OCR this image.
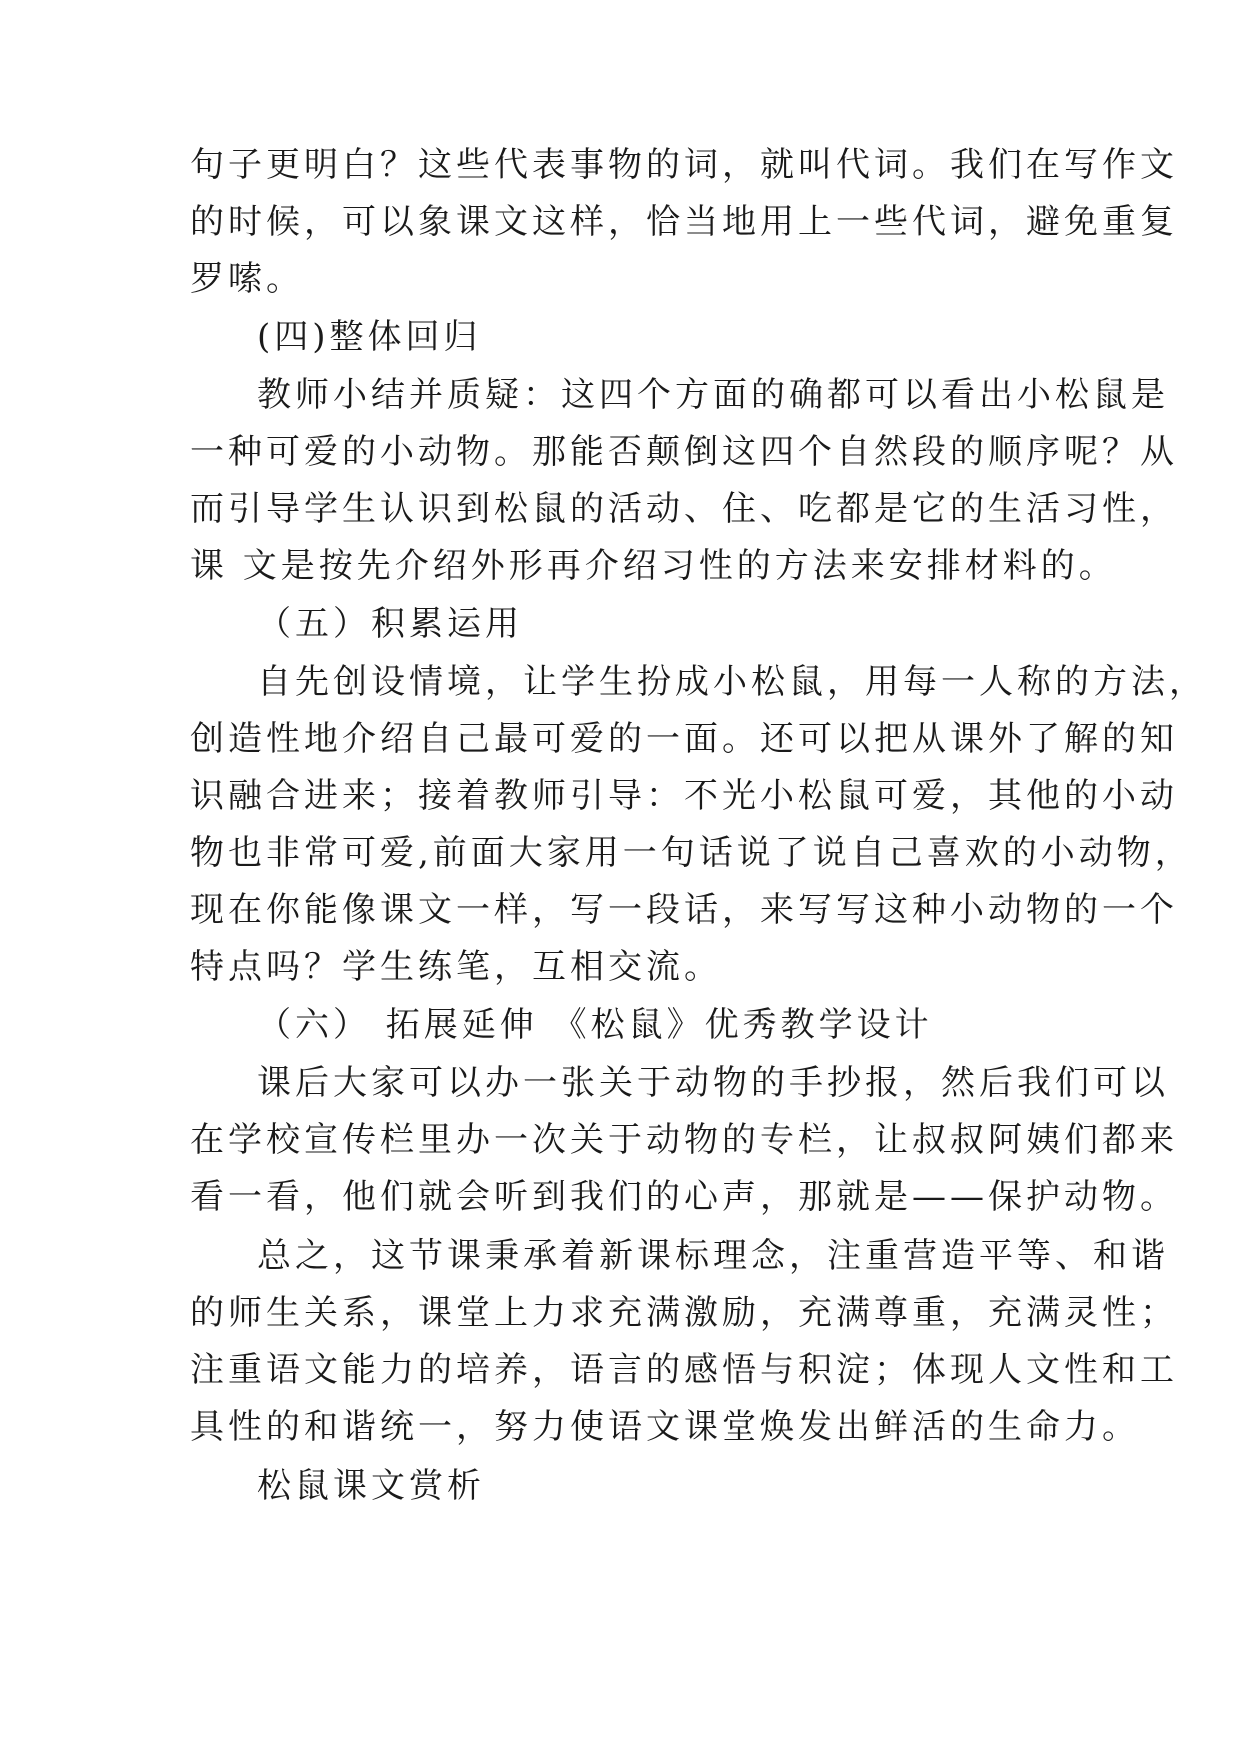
句子更明白？这些代表事物的词，就叫代词。我们在写作文
的时候，可以象课文这样，恰当地用上一些代词，避免重复
罗嗦。
(四)整体回归
教师小结并质疑：这四个方面的确都可以看出小松鼠是
一种可爱的小动物。那能否颠倒这四个自然段的顺序呢？从
而引导学生认识到松鼠的活动、住、吃都是它的生活习性，
课 文是按先介绍外形再介绍习性的方法来安排材料的。
（五）积累运用
自先创设情境，让学生扮成小松鼠，用每一人称的方法，
创造性地介绍自己最可爱的一面。还可以把从课外了解的知
识融合进来；接着教师引导：不光小松鼠可爱，其他的小动
物也非常可爱,前面大家用一句话说了说自己喜欢的小动物，
现在你能像课文一样，写一段话，来写写这种小动物的一个
特点吗？学生练笔，互相交流。
（六） 拓展延伸 《松鼠》优秀教学设计
课后大家可以办一张关于动物的手抄报，然后我们可以
在学校宣传栏里办一次关于动物的专栏，让叔叔阿姨们都来
看一看，他们就会听到我们的心声，那就是——保护动物。
总之，这节课秉承着新课标理念，注重营造平等、和谐
的师生关系，课堂上力求充满激励，充满尊重，充满灵性；
注重语文能力的培养，语言的感悟与积淀；体现人文性和工
具性的和谐统一，努力使语文课堂焕发出鲜活的生命力。
松鼠课文赏析
